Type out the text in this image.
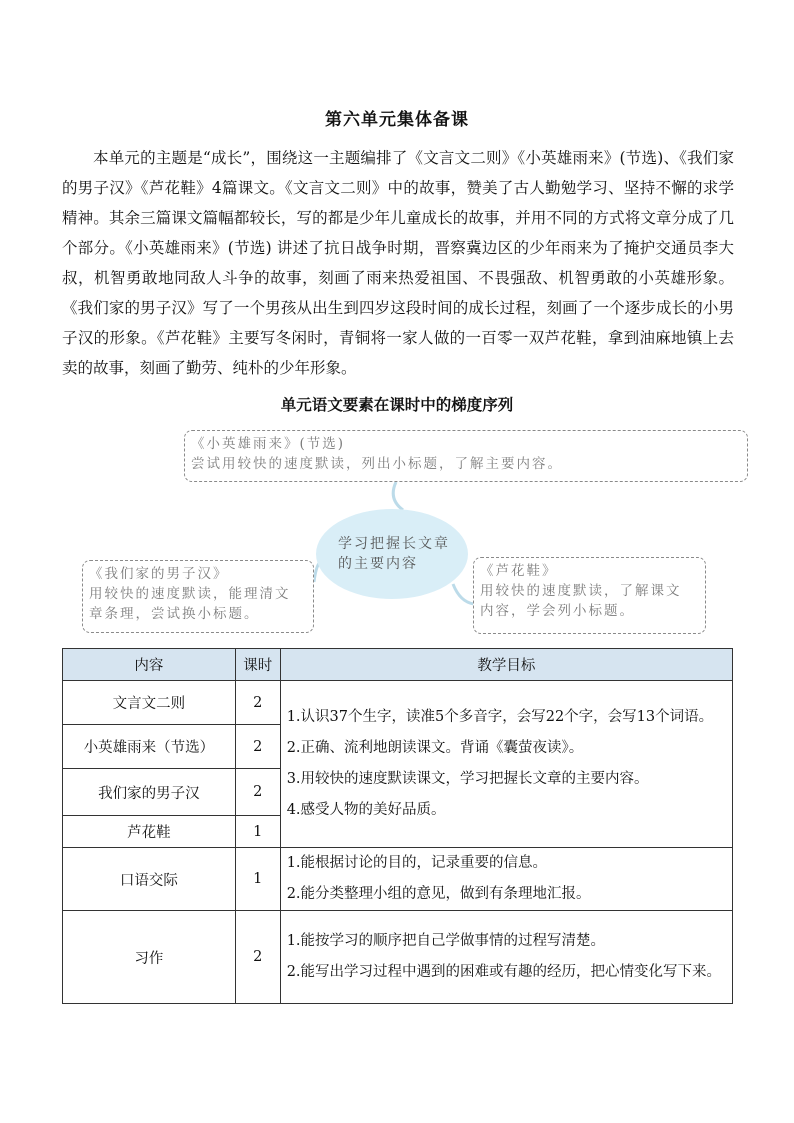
第六单元集体备课

本单元的主题是“成长”，围绕这一主题编排了《文言文二则》《小英雄雨来》(节选)、《我们家的男子汉》《芦花鞋》4篇课文。《文言文二则》中的故事，赞美了古人勤勉学习、坚持不懈的求学精神。其余三篇课文篇幅都较长，写的都是少年儿童成长的故事，并用不同的方式将文章分成了几个部分。《小英雄雨来》(节选) 讲述了抗日战争时期，晋察冀边区的少年雨来为了掩护交通员李大叔，机智勇敢地同敌人斗争的故事，刻画了雨来热爱祖国、不畏强敌、机智勇敢的小英雄形象。《我们家的男子汉》写了一个男孩从出生到四岁这段时间的成长过程，刻画了一个逐步成长的小男子汉的形象。《芦花鞋》主要写冬闲时，青铜将一家人做的一百零一双芦花鞋，拿到油麻地镇上去卖的故事，刻画了勤劳、纯朴的少年形象。

单元语文要素在课时中的梯度序列
《小英雄雨来》(节选)
尝试用较快的速度默读，列出小标题，了解主要内容。
学习把握长文章
的主要内容
《我们家的男子汉》
用较快的速度默读，能理清文
章条理，尝试换小标题。
《芦花鞋》
用较快的速度默读，了解课文
内容，学会列小标题。
内容	课时	教学目标
文言文二则	2	1.认识37个生字，读准5个多音字，会写22个字，会写13个词语。
2.正确、流利地朗读课文。背诵《囊萤夜读》。
3.用较快的速度默读课文，学习把握长文章的主要内容。
4.感受人物的美好品质。

小英雄雨来（节选）	2	
我们家的男子汉	2	
芦花鞋	1	
口语交际	1	1.能根据讨论的目的，记录重要的信息。
2.能分类整理小组的意见，做到有条理地汇报。

习作	2	1.能按学习的顺序把自己学做事情的过程写清楚。
2.能写出学习过程中遇到的困难或有趣的经历，把心情变化写下来。
